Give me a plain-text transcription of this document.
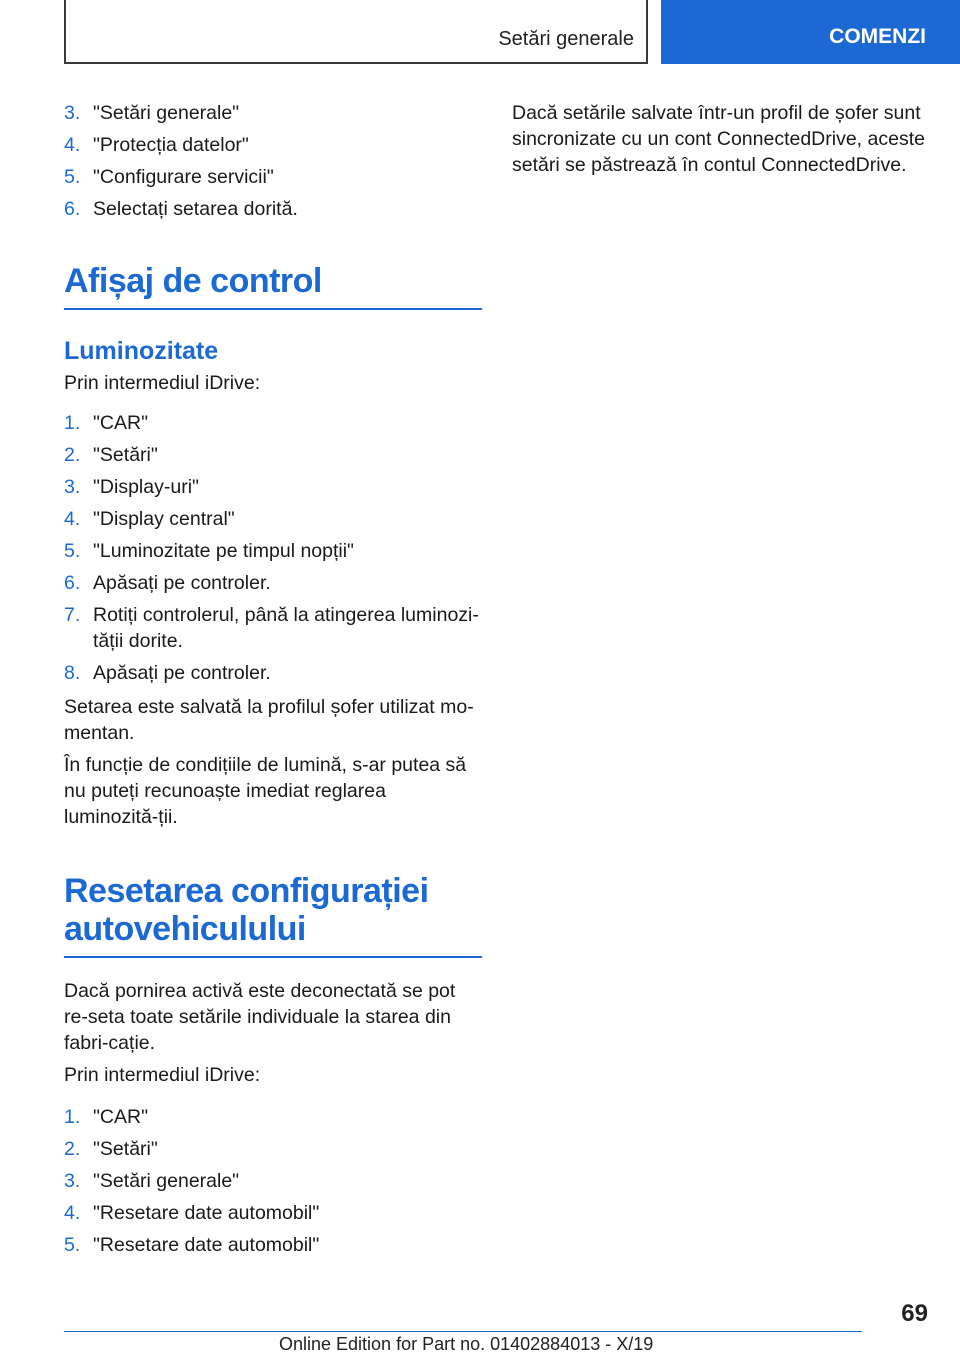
Setări generale	COMENZI
3. "Setări generale"
4. "Protecția datelor"
5. "Configurare servicii"
6. Selectați setarea dorită.
Afișaj de control
Luminozitate

Prin intermediul iDrive:

1. "CAR"
2. "Setări"
3. "Display-uri"
4. "Display central"
5. "Luminozitate pe timpul nopții"
6. Apăsați pe controler.
7. Rotiți controlerul, până la atingerea luminozi-tății dorite.
8. Apăsați pe controler.

Setarea este salvată la profilul șofer utilizat mo-mentan.

În funcție de condițiile de lumină, s-ar putea să nu puteți recunoaște imediat reglarea luminozită-ții.

Resetarea configurației autovehiculului

Dacă pornirea activă este deconectată se pot re-seta toate setările individuale la starea din fabri-cație.

Prin intermediul iDrive:

1. "CAR"
2. "Setări"
3. "Setări generale"
4. "Resetare date automobil"
5. "Resetare date automobil"

Dacă setările salvate într-un profil de șofer sunt sincronizate cu un cont ConnectedDrive, aceste setări se păstrează în contul ConnectedDrive.

69
Online Edition for Part no. 01402884013 - X/19
